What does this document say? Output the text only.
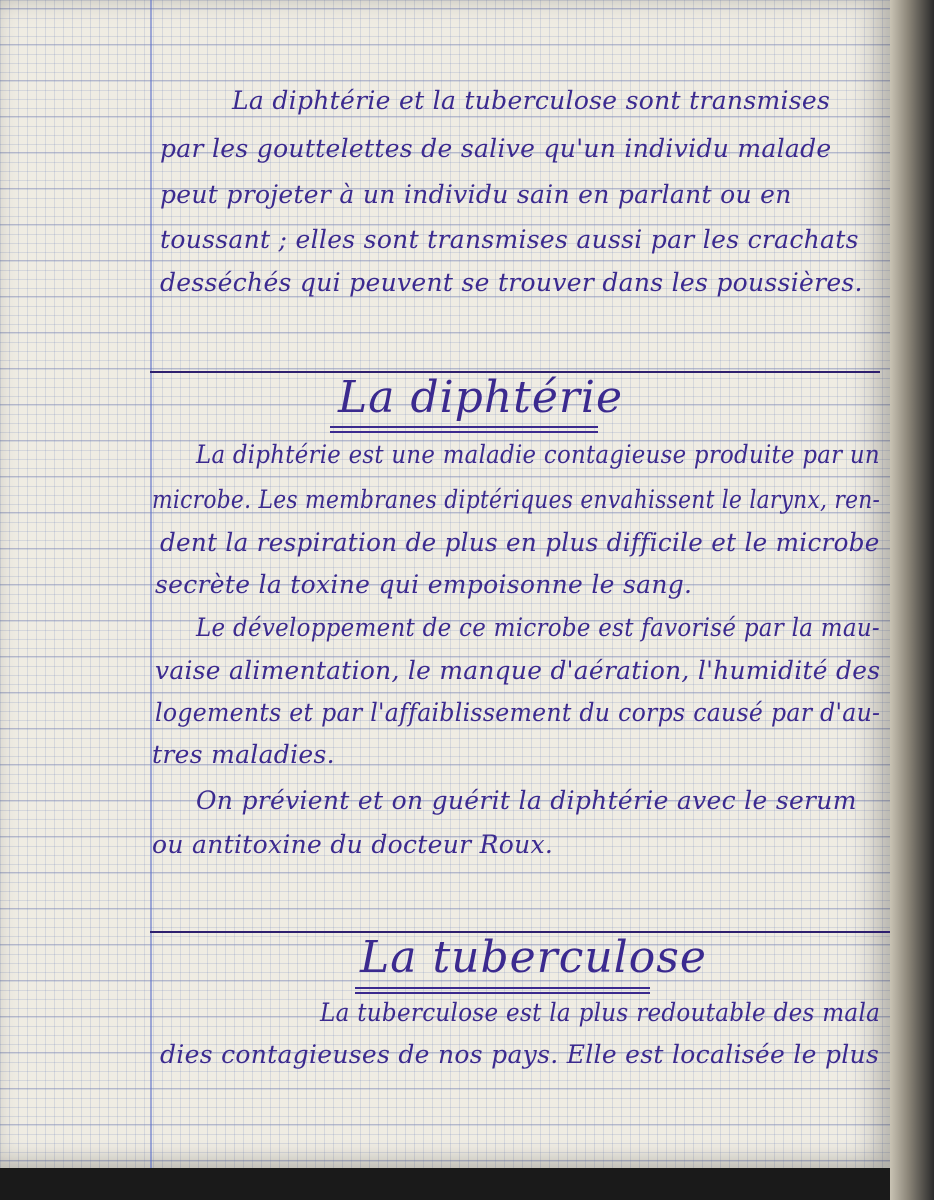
La diphtérie et la tuberculose sont transmises
par les gouttelettes de salive qu'un individu malade
peut projeter à un individu sain en parlant ou en
toussant ; elles sont transmises aussi par les crachats
desséchés qui peuvent se trouver dans les poussières.
La diphtérie
La diphtérie est une maladie contagieuse produite par un
microbe. Les membranes diptériques envahissent le larynx, ren-
dent la respiration de plus en plus difficile et le microbe
secrète la toxine qui empoisonne le sang.
Le développement de ce microbe est favorisé par la mau-
vaise alimentation, le manque d'aération, l'humidité des
logements et par l'affaiblissement du corps causé par d'au-
tres maladies.
On prévient et on guérit la diphtérie avec le serum
ou antitoxine du docteur Roux.
La tuberculose
La tuberculose est la plus redoutable des mala
dies contagieuses de nos pays. Elle est localisée le plus
